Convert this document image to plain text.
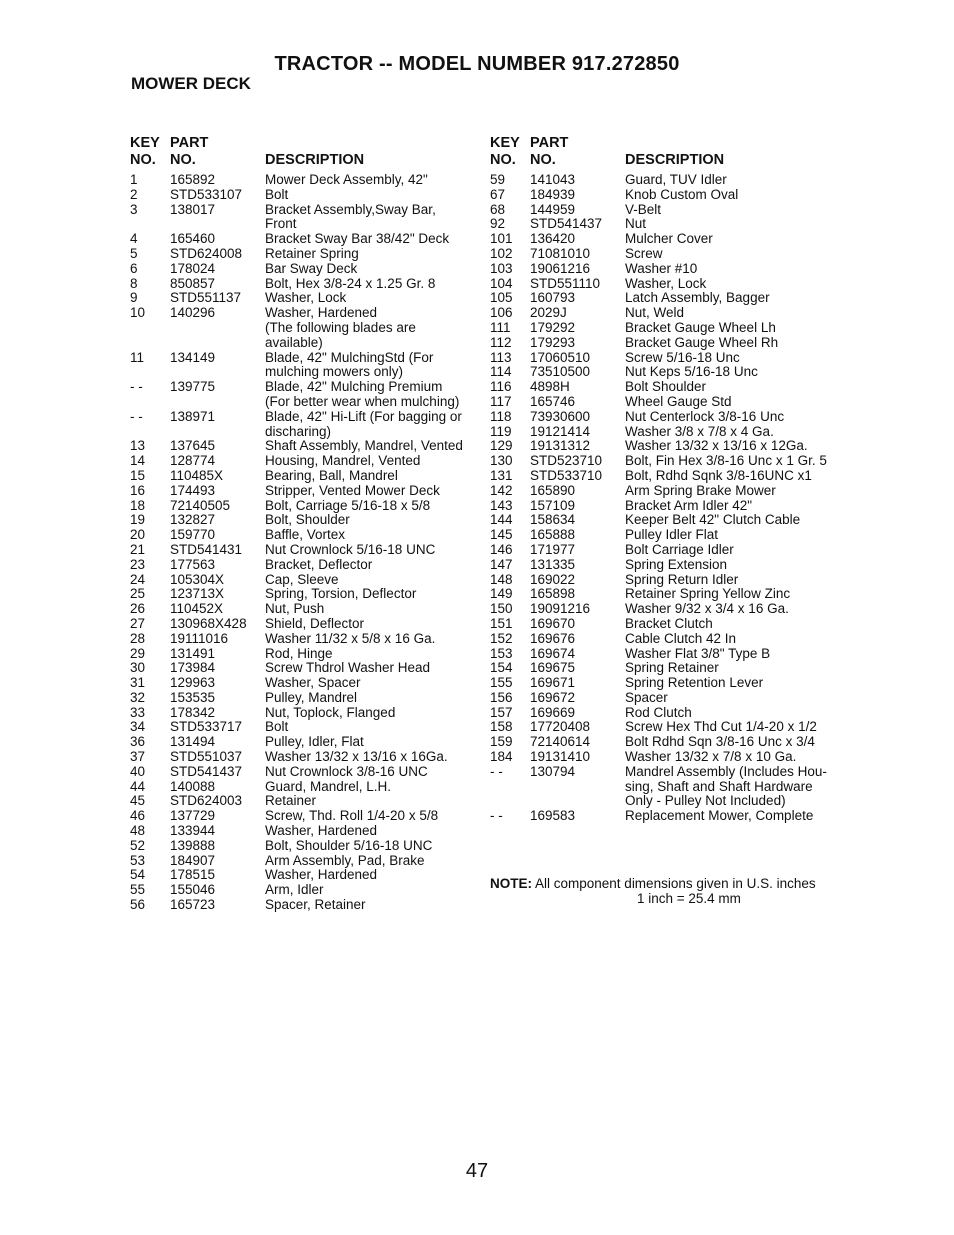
TRACTOR -- MODEL NUMBER 917.272850
MOWER DECK
KEY
NO.
PART
NO.	DESCRIPTION
1	165892	Mower Deck Assembly, 42"
2	STD533107	Bolt
3	138017	Bracket Assembly,Sway Bar,
Front
4	165460	Bracket Sway Bar 38/42" Deck
5	STD624008	Retainer Spring
6	178024	Bar Sway Deck
8	850857	Bolt, Hex 3/8-24 x 1.25 Gr. 8
9	STD551137	Washer, Lock
10	140296	Washer, Hardened
(The following blades are
available)
11	134149	Blade, 42" MulchingStd (For
mulching mowers only)
- -	139775	Blade, 42" Mulching Premium
(For better wear when mulching)
- -	138971	Blade, 42" Hi-Lift (For bagging or
discharing)
13	137645	Shaft Assembly, Mandrel, Vented
14	128774	Housing, Mandrel, Vented
15	110485X	Bearing, Ball, Mandrel
16	174493	Stripper, Vented Mower Deck
18	72140505	Bolt, Carriage 5/16-18 x 5/8
19	132827	Bolt, Shoulder
20	159770	Baffle, Vortex
21	STD541431	Nut Crownlock 5/16-18 UNC
23	177563	Bracket, Deflector
24	105304X	Cap, Sleeve
25	123713X	Spring, Torsion, Deflector
26	110452X	Nut, Push
27	130968X428	Shield, Deflector
28	19111016	Washer 11/32 x 5/8 x 16 Ga.
29	131491	Rod, Hinge
30	173984	Screw Thdrol Washer Head
31	129963	Washer, Spacer
32	153535	Pulley, Mandrel
33	178342	Nut, Toplock, Flanged
34	STD533717	Bolt
36	131494	Pulley, Idler, Flat
37	STD551037	Washer 13/32 x 13/16 x 16Ga.
40	STD541437	Nut Crownlock 3/8-16 UNC
44	140088	Guard, Mandrel, L.H.
45	STD624003	Retainer
46	137729	Screw, Thd. Roll 1/4-20 x 5/8
48	133944	Washer, Hardened
52	139888	Bolt, Shoulder 5/16-18 UNC
53	184907	Arm Assembly, Pad, Brake
54	178515	Washer, Hardened
55	155046	Arm, Idler
56	165723	Spacer, Retainer
KEY
NO.
PART
NO.	DESCRIPTION
59	141043	Guard, TUV Idler
67	184939	Knob Custom Oval
68	144959	V-Belt
92	STD541437	Nut
101	136420	Mulcher Cover
102	71081010	Screw
103	19061216	Washer #10
104	STD551110	Washer, Lock
105	160793	Latch Assembly, Bagger
106	2029J	Nut, Weld
111	179292	Bracket Gauge Wheel Lh
112	179293	Bracket Gauge Wheel Rh
113	17060510	Screw 5/16-18 Unc
114	73510500	Nut Keps 5/16-18 Unc
116	4898H	Bolt Shoulder
117	165746	Wheel Gauge Std
118	73930600	Nut Centerlock 3/8-16 Unc
119	19121414	Washer 3/8 x 7/8 x 4 Ga.
129	19131312	Washer 13/32 x 13/16 x 12Ga.
130	STD523710	Bolt, Fin Hex 3/8-16 Unc x 1 Gr. 5
131	STD533710	Bolt, Rdhd Sqnk 3/8-16UNC x1
142	165890	Arm Spring Brake Mower
143	157109	Bracket Arm Idler 42"
144	158634	Keeper Belt 42" Clutch Cable
145	165888	Pulley Idler Flat
146	171977	Bolt Carriage Idler
147	131335	Spring Extension
148	169022	Spring Return Idler
149	165898	Retainer Spring Yellow Zinc
150	19091216	Washer 9/32 x 3/4 x 16 Ga.
151	169670	Bracket Clutch
152	169676	Cable Clutch 42 In
153	169674	Washer Flat 3/8" Type B
154	169675	Spring Retainer
155	169671	Spring Retention Lever
156	169672	Spacer
157	169669	Rod Clutch
158	17720408	Screw Hex Thd Cut 1/4-20 x 1/2
159	72140614	Bolt Rdhd Sqn 3/8-16 Unc x 3/4
184	19131410	Washer 13/32 x 7/8 x 10 Ga.
- -	130794	Mandrel Assembly (Includes Hou-
sing, Shaft and Shaft Hardware
Only - Pulley Not Included)
- -	169583	Replacement Mower, Complete
NOTE: All component dimensions given in U.S. inches
1 inch = 25.4 mm
47
